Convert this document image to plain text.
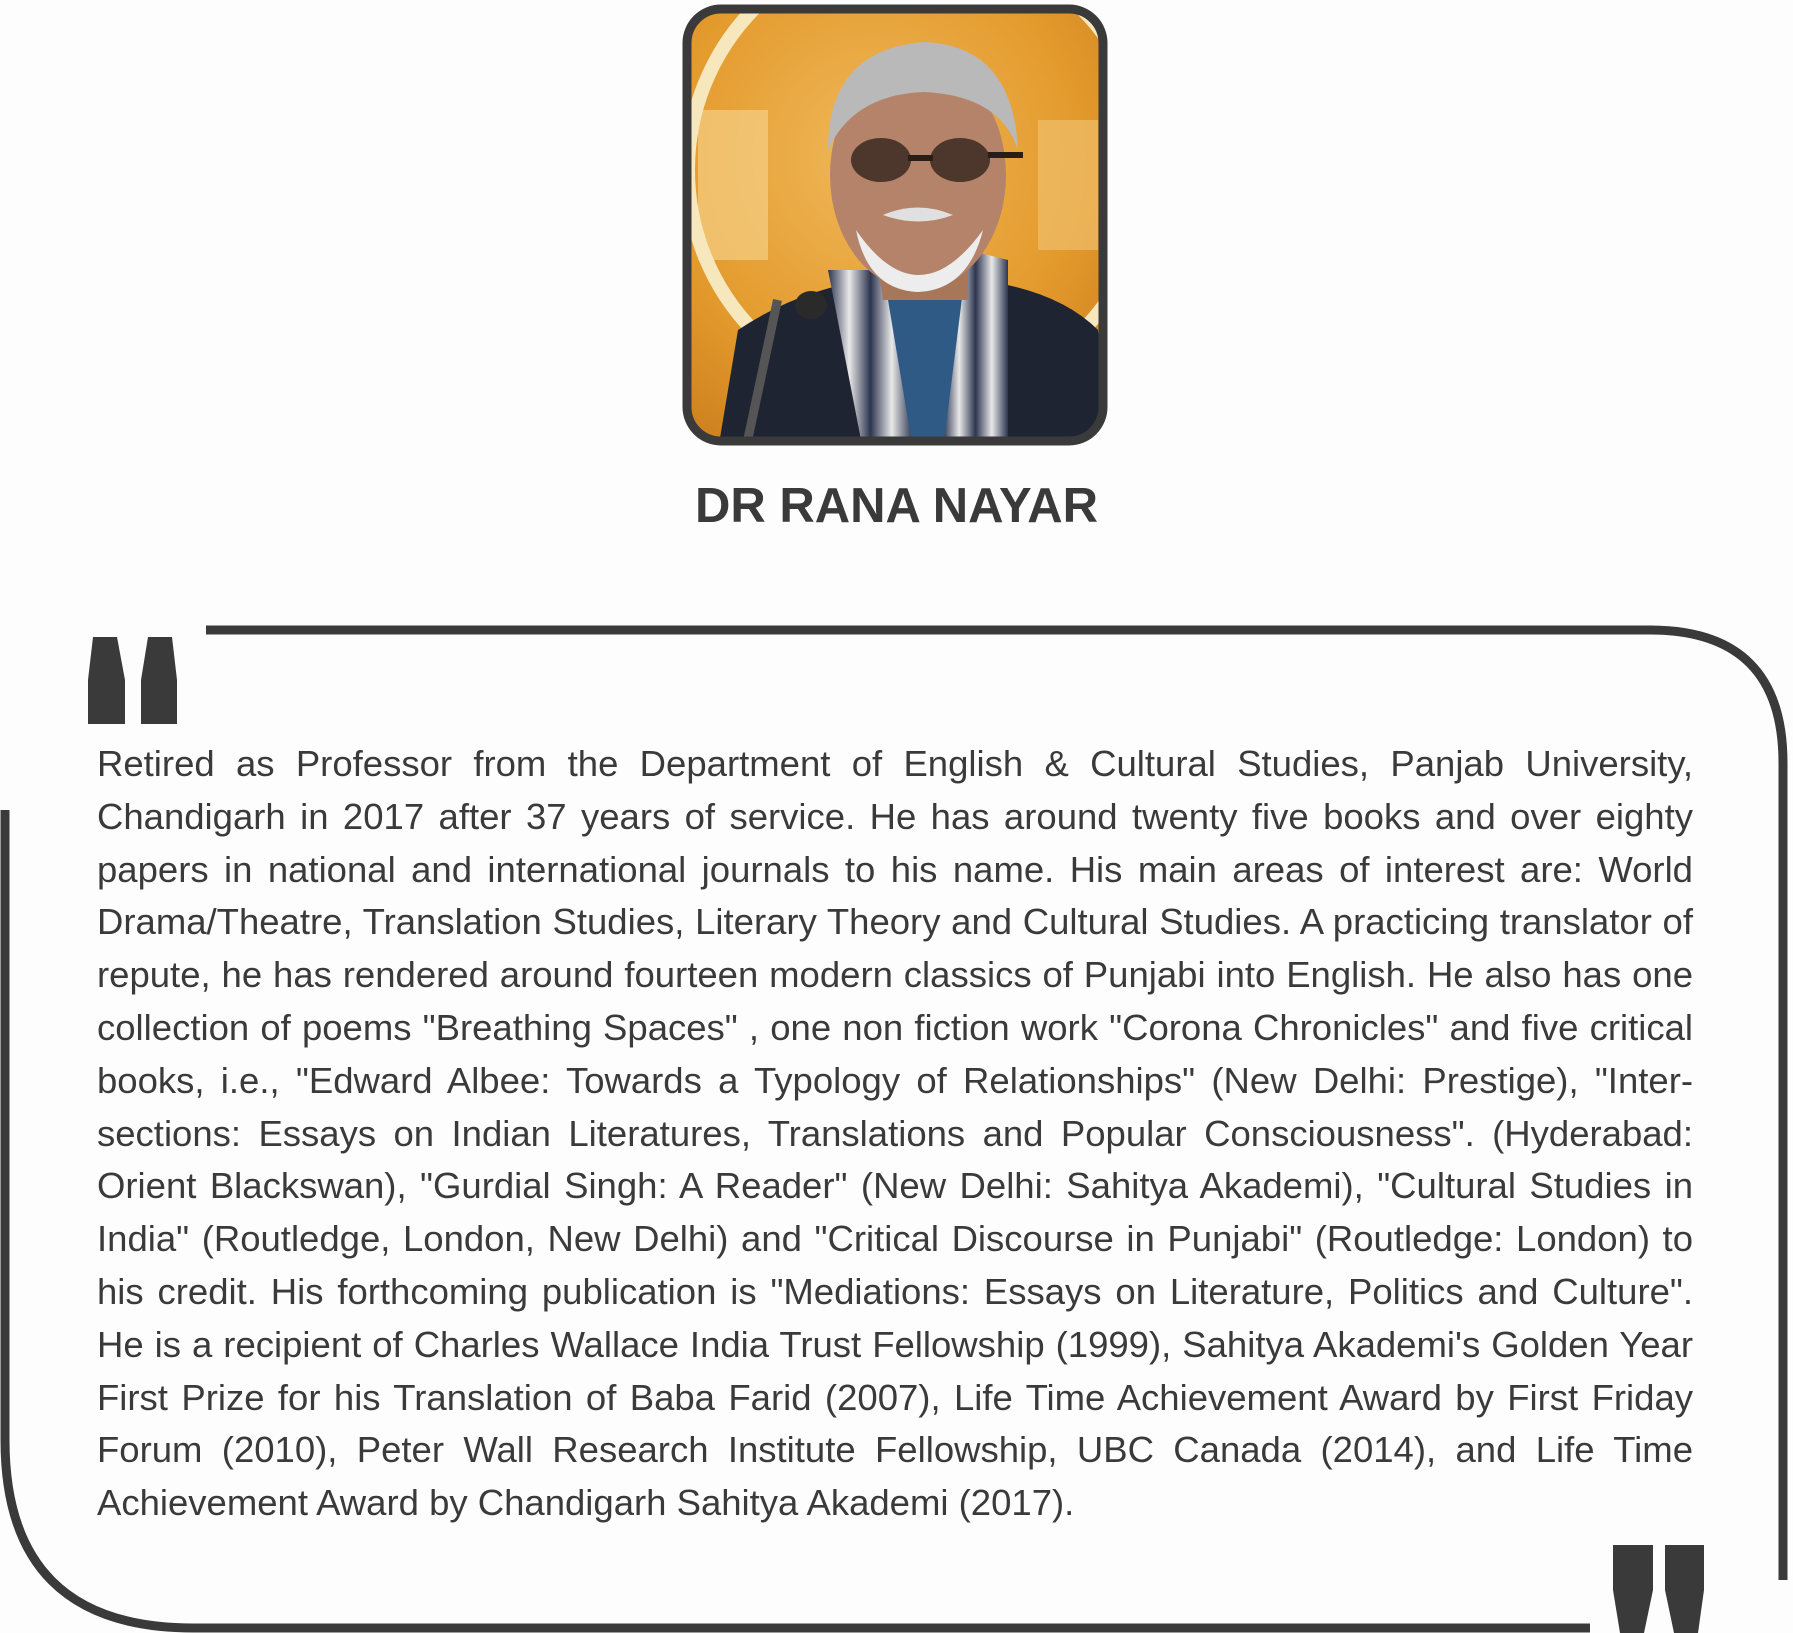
DR RANA NAYAR

Retired as Professor from the Department of English & Cultural Studies, Panjab University, Chandigarh in 2017 after 37 years of service. He has around twenty five books and over eighty papers in national and international journals to his name. His main areas of interest are: World Drama/Theatre, Translation Studies, Literary Theory and Cultural Studies. A practicing translator of repute, he has rendered around fourteen modern classics of Punjabi into English. He also has one collection of poems "Breathing Spaces" , one non fiction work "Corona Chronicles" and five critical books, i.e., "Edward Albee: Towards a Typology of Relationships" (New Delhi: Prestige), "Inter-sections: Essays on Indian Literatures, Translations and Popular Consciousness". (Hyderabad: Orient Blackswan), "Gurdial Singh: A Reader" (New Delhi: Sahitya Akademi), "Cultural Studies in India" (Routledge, London, New Delhi) and "Critical Discourse in Punjabi" (Routledge: London) to his credit. His forthcoming publication is "Mediations: Essays on Literature, Politics and Culture". He is a recipient of Charles Wallace India Trust Fellowship (1999), Sahitya Akademi's Golden Year First Prize for his Translation of Baba Farid (2007), Life Time Achievement Award by First Friday Forum (2010), Peter Wall Research Institute Fellowship, UBC Canada (2014), and Life Time Achievement Award by Chandigarh Sahitya Akademi (2017).
